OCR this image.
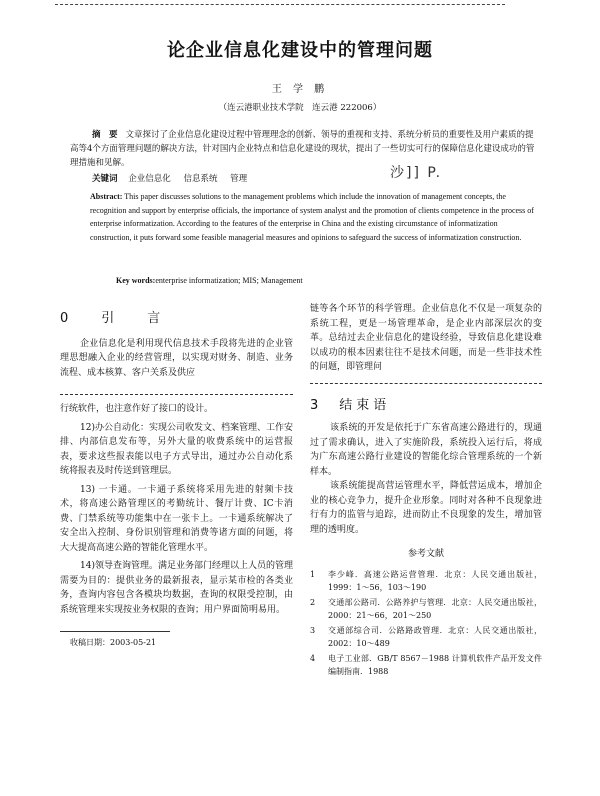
论企业信息化建设中的管理问题
王 学 鹏
（连云港职业技术学院　连云港 222006）
摘　要 文章探讨了企业信息化建设过程中管理理念的创新、领导的重视和支持、系统分析员的重要性及用户素质的提高等4个方面管理问题的解决方法，针对国内企业特点和信息化建设的现状，提出了一些切实可行的保障信息化建设成功的管理措施和见解。
关键词 企业信息化 信息系统 管理	沙]] P.

Abstract: This paper discusses solutions to the management problems which include the innovation of management concepts, the recognition and support by enterprise officials, the importance of system analyst and the promotion of clients competence in the process of enterprise informatization. According to the features of the enterprise in China and the existing circumstance of informatization construction, it puts forward some feasible managerial measures and opinions to safeguard the success of informatization construction.

Key words:enterprise informatization; MIS; Management
0　引　言

企业信息化是利用现代信息技术手段将先进的企业管理思想融入企业的经营管理，以实现对财务、制造、业务流程、成本核算、客户关系及供应

行统软件，也注意作好了接口的设计。

12)办公自动化：实现公司收发文、档案管理、工作安排、内部信息发布等，另外大量的收费系统中的运营报表，要求这些报表能以电子方式导出，通过办公自动化系统将报表及时传送到管理层。

13) 一卡通。一卡通子系统将采用先进的射频卡技术，将高速公路管理区的考勤统计、餐厅计费、IC卡消费、门禁系统等功能集中在一张卡上。一卡通系统解决了安全出入控制、身份识别管理和消费等诸方面的问题，将大大提高高速公路的智能化管理水平。

14)领导查询管理。满足业务部门经理以上人员的管理需要为目的：提供业务的最新报表，显示某市检的各类业务，查询内容包含各模块均数据，查询的权限受控制，由系统管理来实现按业务权限的查询；用户界面简明易用。

收稿日期：2003-05-21

链等各个环节的科学管理。企业信息化不仅是一项复杂的系统工程，更是一场管理革命，是企业内部深层次的变革。总结过去企业信息化的建设经验，导致信息化建设难以成功的根本因素往往不是技术问题，而是一些非技术性的问题，即管理问

3　结束语

该系统的开发是依托于广东省高速公路进行的，现通过了需求确认，进入了实施阶段，系统投入运行后，将成为广东高速公路行业建设的智能化综合管理系统的一个新样本。

该系统能提高营运管理水平，降低营运成本，增加企业的核心竞争力，提升企业形象。同时对各种不良现象进行有力的监管与追踪，进而防止不良现象的发生，增加管理的透明度。

参考文献
1	李少峰．高速公路运营管理．北京：人民交通出版社，1999：1～56，103～190
2	交通部公路司．公路养护与管理．北京：人民交通出版社，2000：21～66，201～250
3	交通部综合司．公路路政管理．北京：人民交通出版社，2002：10～489
4	电子工业部．GB/T 8567－1988 计算机软件产品开发文件编制指南．1988
